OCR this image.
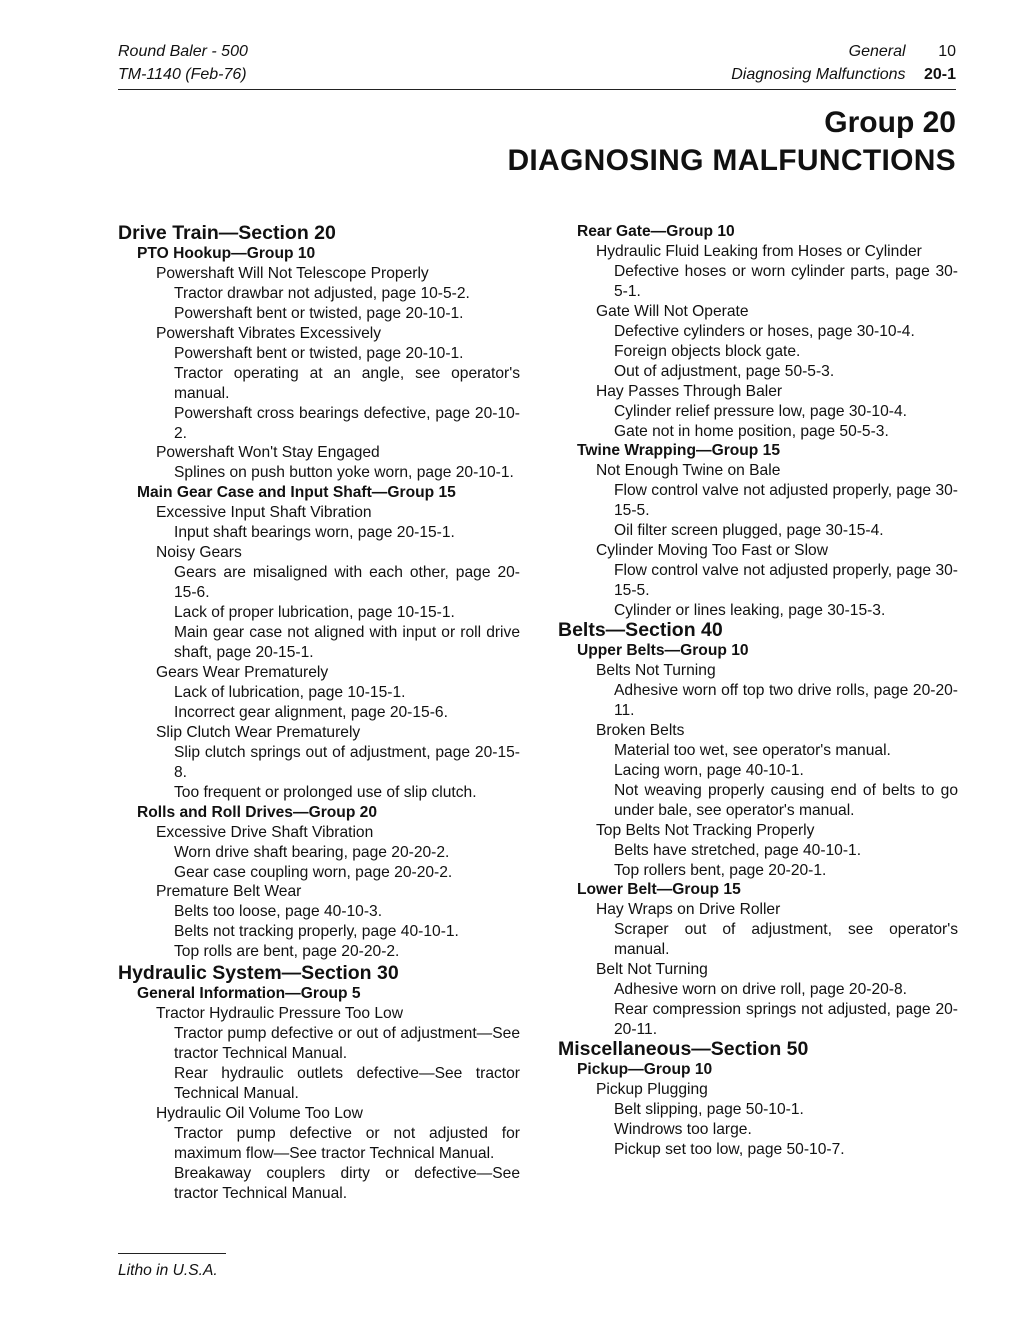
Round Baler - 500
TM-1140 (Feb-76)
General 10
Diagnosing Malfunctions 20-1
Group 20
DIAGNOSING MALFUNCTIONS
Drive Train—Section 20
PTO Hookup—Group 10
Powershaft Will Not Telescope Properly
Tractor drawbar not adjusted, page 10-5-2.
Powershaft bent or twisted, page 20-10-1.
Powershaft Vibrates Excessively
Powershaft bent or twisted, page 20-10-1.
Tractor operating at an angle, see operator's manual.
Powershaft cross bearings defective, page 20-10-2.
Powershaft Won't Stay Engaged
Splines on push button yoke worn, page 20-10-1.
Main Gear Case and Input Shaft—Group 15
Excessive Input Shaft Vibration
Input shaft bearings worn, page 20-15-1.
Noisy Gears
Gears are misaligned with each other, page 20-15-6.
Lack of proper lubrication, page 10-15-1.
Main gear case not aligned with input or roll drive shaft, page 20-15-1.
Gears Wear Prematurely
Lack of lubrication, page 10-15-1.
Incorrect gear alignment, page 20-15-6.
Slip Clutch Wear Prematurely
Slip clutch springs out of adjustment, page 20-15-8.
Too frequent or prolonged use of slip clutch.
Rolls and Roll Drives—Group 20
Excessive Drive Shaft Vibration
Worn drive shaft bearing, page 20-20-2.
Gear case coupling worn, page 20-20-2.
Premature Belt Wear
Belts too loose, page 40-10-3.
Belts not tracking properly, page 40-10-1.
Top rolls are bent, page 20-20-2.
Hydraulic System—Section 30
General Information—Group 5
Tractor Hydraulic Pressure Too Low
Tractor pump defective or out of adjustment—See tractor Technical Manual.
Rear hydraulic outlets defective—See tractor Technical Manual.
Hydraulic Oil Volume Too Low
Tractor pump defective or not adjusted for maximum flow—See tractor Technical Manual.
Breakaway couplers dirty or defective—See tractor Technical Manual.
Rear Gate—Group 10
Hydraulic Fluid Leaking from Hoses or Cylinder
Defective hoses or worn cylinder parts, page 30-5-1.
Gate Will Not Operate
Defective cylinders or hoses, page 30-10-4.
Foreign objects block gate.
Out of adjustment, page 50-5-3.
Hay Passes Through Baler
Cylinder relief pressure low, page 30-10-4.
Gate not in home position, page 50-5-3.
Twine Wrapping—Group 15
Not Enough Twine on Bale
Flow control valve not adjusted properly, page 30-15-5.
Oil filter screen plugged, page 30-15-4.
Cylinder Moving Too Fast or Slow
Flow control valve not adjusted properly, page 30-15-5.
Cylinder or lines leaking, page 30-15-3.
Belts—Section 40
Upper Belts—Group 10
Belts Not Turning
Adhesive worn off top two drive rolls, page 20-20-11.
Broken Belts
Material too wet, see operator's manual.
Lacing worn, page 40-10-1.
Not weaving properly causing end of belts to go under bale, see operator's manual.
Top Belts Not Tracking Properly
Belts have stretched, page 40-10-1.
Top rollers bent, page 20-20-1.
Lower Belt—Group 15
Hay Wraps on Drive Roller
Scraper out of adjustment, see operator's manual.
Belt Not Turning
Adhesive worn on drive roll, page 20-20-8.
Rear compression springs not adjusted, page 20-20-11.
Miscellaneous—Section 50
Pickup—Group 10
Pickup Plugging
Belt slipping, page 50-10-1.
Windrows too large.
Pickup set too low, page 50-10-7.
Litho in U.S.A.
